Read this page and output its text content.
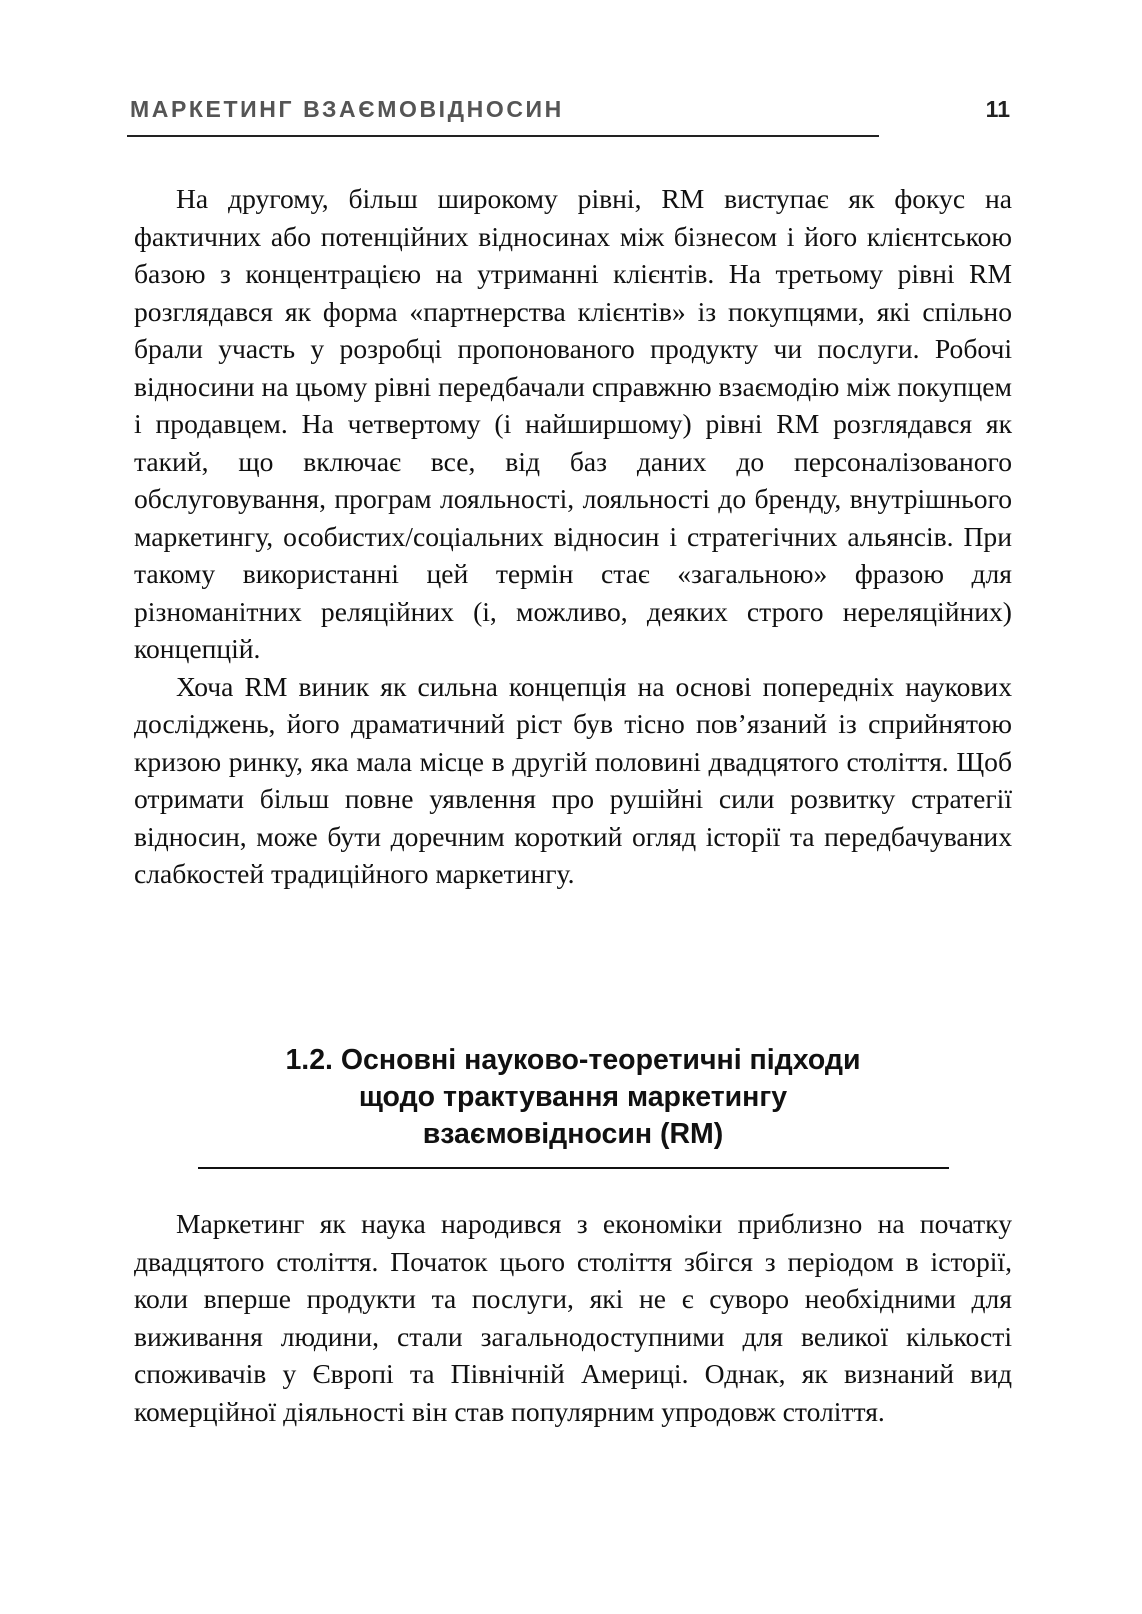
МАРКЕТИНГ ВЗАЄМОВІДНОСИН	11

На другому, більш широкому рівні, RM виступає як фокус на фактичних або потенційних відносинах між бізнесом і його клієнтською базою з концентрацією на утриманні клієнтів. На третьому рівні RM розглядався як форма «партнерства клієнтів» із покупцями, які спільно брали участь у розробці пропонованого продукту чи послуги. Робочі відносини на цьому рівні передбачали справжню взаємодію між покупцем і продавцем. На четвертому (і найширшому) рівні RM розглядався як такий, що включає все, від баз даних до персоналізованого обслуговування, програм лояльності, лояльності до бренду, внутрішнього маркетингу, особистих/соціальних відносин і стратегічних альянсів. При такому використанні цей термін стає «загальною» фразою для різноманітних реляційних (і, можливо, деяких строго нереляційних) концепцій.

Хоча RM виник як сильна концепція на основі попередніх наукових досліджень, його драматичний ріст був тісно пов’язаний із сприйнятою кризою ринку, яка мала місце в другій половині двадцятого століття. Щоб отримати більш повне уявлення про рушійні сили розвитку стратегії відносин, може бути доречним короткий огляд історії та передбачуваних слабкостей традиційного маркетингу.

1.2. Основні науково-теоретичні підходи
щодо трактування маркетингу
взаємовідносин (RM)

Маркетинг як наука народився з економіки приблизно на початку двадцятого століття. Початок цього століття збігся з періодом в історії, коли вперше продукти та послуги, які не є суворо необхідними для виживання людини, стали загальнодоступними для великої кількості споживачів у Європі та Північній Америці. Однак, як визнаний вид комерційної діяльності він став популярним упродовж століття.
